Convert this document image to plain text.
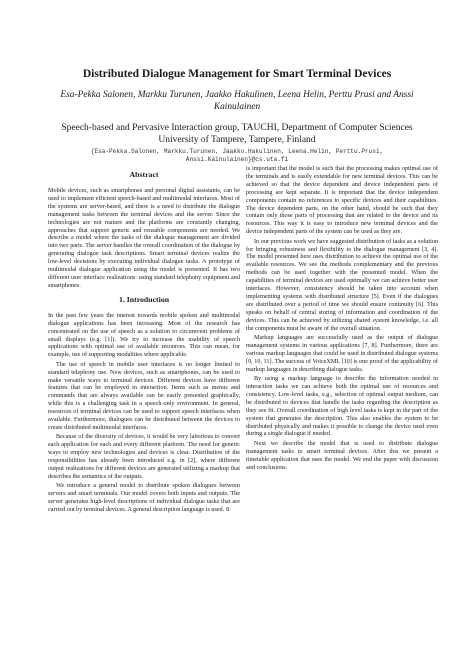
Distributed Dialogue Management for Smart Terminal Devices
Esa-Pekka Salonen, Markku Turunen, Jaakko Hakulinen, Leena Helin, Perttu Prusi and Anssi Kainulainen
Speech-based and Pervasive Interaction group, TAUCHI, Department of Computer Sciences
University of Tampere, Tampere, Finland
{Esa-Pekka.Salonen, Markku.Turunen, Jaakko.Hakulinen, Leena.Helin, Perttu.Prusi,
Anssi.Kainulainen}@cs.uta.fi
Abstract

Mobile devices, such as smartphones and personal digital assistants, can be used to implement efficient speech-based and multimodal interfaces. Most of the systems are server-based, and there is a need to distribute the dialogue management tasks between the terminal devices and the server. Since the technologies are not mature and the platforms are constantly changing, approaches that support generic and reusable components are needed. We describe a model where the tasks of the dialogue management are divided into two parts. The server handles the overall coordination of the dialogue by generating dialogue task descriptions. Smart terminal devices realize the low-level decisions by executing individual dialogue tasks. A prototype of multimodal dialogue application using the model is presented. It has two different user interface realizations: using standard telephony equipment and smartphones.

1. Introduction

In the past few years the interest towards mobile spoken and multimodal dialogue applications has been increasing. Most of the research has concentrated on the use of speech as a solution to circumvent problems of small displays (e.g. [1]). We try to increase the usability of speech applications with optimal use of available resources. This can mean, for example, use of supporting modalities where applicable.

The use of speech in mobile user interfaces is no longer limited to standard telephony use. New devices, such as smartphones, can be used to make versatile ways to terminal devices. Different devices have different features that can be employed in interaction. Items such as menus and commands that are always available can be easily presented graphically, while this is a challenging task in a speech-only environment. In general, resources of terminal devices can be used to support speech interfaces when available. Furthermore, dialogues can be distributed between the devices to create distributed multimodal interfaces.

Because of the diversity of devices, it would be very laborious to convert each application for each and every different platform. The need for generic ways to employ new technologies and devices is clear. Distribution of the responsibilities has already been introduced e.g. in [2], where different output realizations for different devices are generated utilizing a markup that describes the semantics of the outputs.

We introduce a general model to distribute spoken dialogues between servers and smart terminals. Our model covers both inputs and outputs. The server generates high-level descriptions of individual dialogue tasks that are carried out by terminal devices. A general description language is used. It

is important that the model is such that the processing makes optimal use of the terminals and is easily extendable for new terminal devices. This can be achieved so that the device dependent and device independent parts of processing are kept separate. It is important that the device independent components contain no references to specific devices and their capabilities. The device dependent parts, on the other hand, should be such that they contain only those parts of processing that are related to the device and its resources. This way it is easy to introduce new terminal devices and the device independent parts of the system can be used as they are.

In our previous work we have suggested distribution of tasks as a solution for bringing robustness and flexibility to the dialogue management [3, 4]. The model presented here uses distribution to achieve the optimal use of the available resources. We see the methods complementary and the previous methods can be used together with the presented model. When the capabilities of terminal devices are used optimally we can achieve better user interfaces. However, consistency should be taken into account when implementing systems with distributed structure [5]. Even if the dialogues are distributed over a period of time we should ensure continuity [6]. This speaks on behalf of central storing of information and coordination of the devices. This can be achieved by utilizing shared system knowledge, i.e. all the components must be aware of the overall situation.

Markup languages are successfully used as the output of dialogue management systems in various applications [7, 8]. Furthermore, there are various markup languages that could be used in distributed dialogue systems [9, 10, 11]. The success of VoiceXML [10] is one proof of the applicability of markup languages in describing dialogue tasks.

By using a markup language to describe the information needed in interaction tasks we can achieve both the optimal use of resources and consistency. Low-level tasks, e.g., selection of optimal output medium, can be distributed to devices that handle the tasks regarding the description as they see fit. Overall coordination of high level tasks is kept in the part of the system that generates the description. This also enables the system to be distributed physically and makes it possible to change the device used even during a single dialogue if needed.

Next we describe the model that is used to distribute dialogue management tasks to smart terminal devices. After this we present a timetable application that uses the model. We end the paper with discussion and conclusions.
